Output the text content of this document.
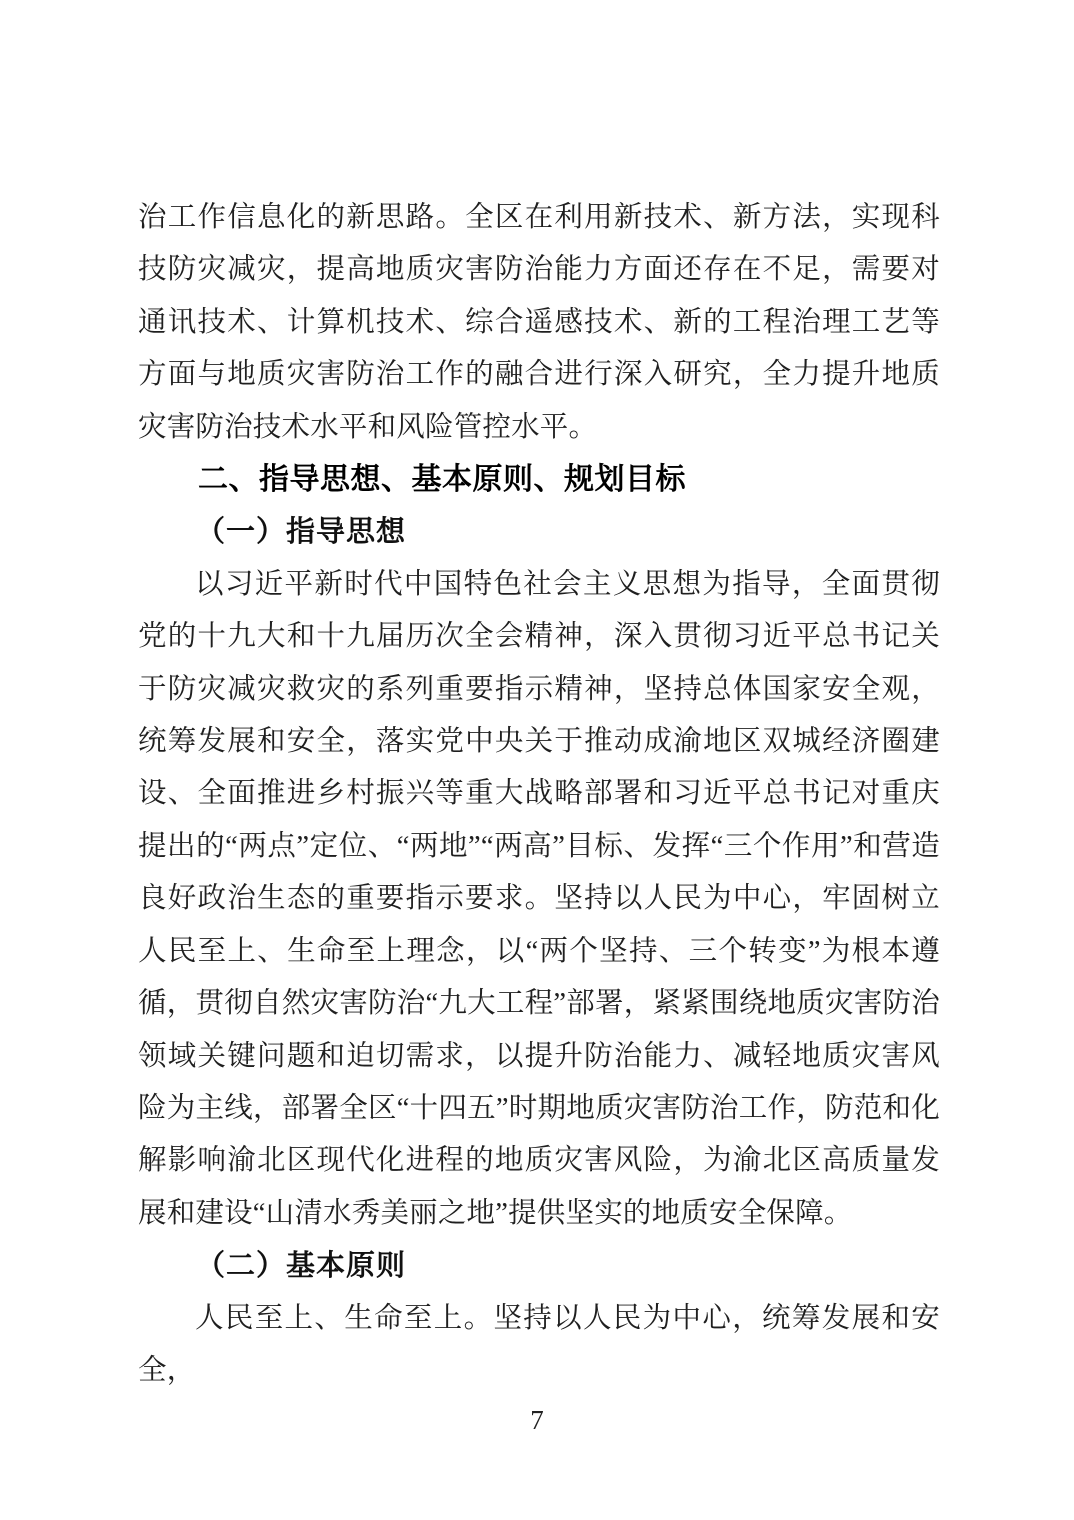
治工作信息化的新思路。全区在利用新技术、新方法，实现科技防灾减灾，提高地质灾害防治能力方面还存在不足，需要对通讯技术、计算机技术、综合遥感技术、新的工程治理工艺等方面与地质灾害防治工作的融合进行深入研究，全力提升地质灾害防治技术水平和风险管控水平。

二、指导思想、基本原则、规划目标
（一）指导思想

以习近平新时代中国特色社会主义思想为指导，全面贯彻党的十九大和十九届历次全会精神，深入贯彻习近平总书记关于防灾减灾救灾的系列重要指示精神，坚持总体国家安全观，统筹发展和安全，落实党中央关于推动成渝地区双城经济圈建设、全面推进乡村振兴等重大战略部署和习近平总书记对重庆提出的“两点”定位、“两地”“两高”目标、发挥“三个作用”和营造良好政治生态的重要指示要求。坚持以人民为中心，牢固树立人民至上、生命至上理念，以“两个坚持、三个转变”为根本遵循，贯彻自然灾害防治“九大工程”部署，紧紧围绕地质灾害防治领域关键问题和迫切需求，以提升防治能力、减轻地质灾害风险为主线，部署全区“十四五”时期地质灾害防治工作，防范和化解影响渝北区现代化进程的地质灾害风险，为渝北区高质量发展和建设“山清水秀美丽之地”提供坚实的地质安全保障。

（二）基本原则

人民至上、生命至上。坚持以人民为中心，统筹发展和安全，

7
